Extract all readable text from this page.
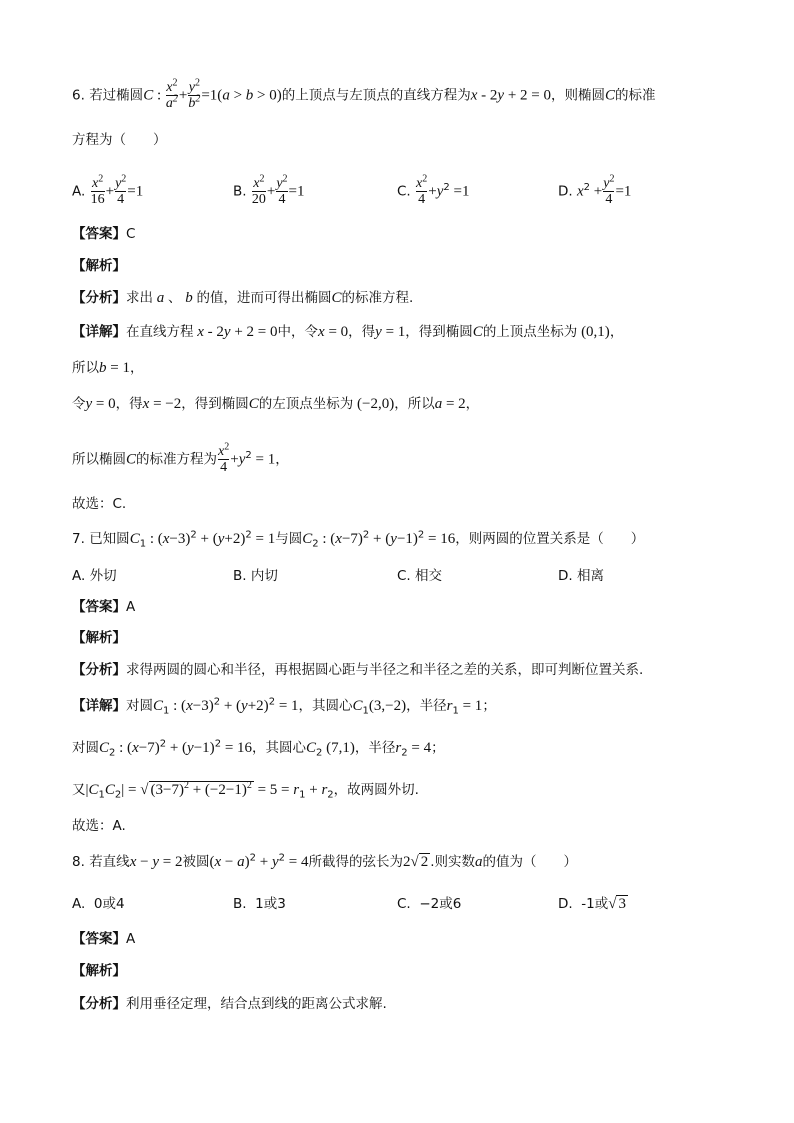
6. 若过椭圆C : $\frac{x^2}{a^2} + \frac{y^2}{b^2} =1(a > b > 0)$的上顶点与左顶点的直线方程为x - 2y + 2 = 0，则椭圆C的标准
方程为（　　）
A. $\frac{x^2}{16} + \frac{y^2}{4} =1$	B. $\frac{x^2}{20} + \frac{y^2}{4} =1$	C. $\frac{x^2}{4} +y^2 =1$	D. $x^2 + \frac{y^2}{4} =1$
【答案】C
【解析】
【分析】求出 a 、 b 的值，进而可得出椭圆C的标准方程.
【详解】在直线方程 x - 2y + 2 = 0中，令x = 0，得y = 1，得到椭圆C的上顶点坐标为 (0,1)，
所以b = 1，
令y = 0，得x = −2，得到椭圆C的左顶点坐标为 (−2,0)，所以a = 2，
所以椭圆C的标准方程为 $\frac{x^2}{4} +y^2 = 1$，
故选：C.
7. 已知圆$C_1$ : $(x-3)^2 + (y+2)^2 = 1$与圆$C_2$ : $(x-7)^2 + (y-1)^2 = 16$，则两圆的位置关系是（　　）
A. 外切	B. 内切	C. 相交	D. 相离
【答案】A
【解析】
【分析】求得两圆的圆心和半径，再根据圆心距与半径之和半径之差的关系，即可判断位置关系.
【详解】对圆$C_1$ : $(x-3)^2 + (y+2)^2 = 1$，其圆心$C_1(3,-2)$，半径$r_1 = 1$；
对圆$C_2$ : $(x-7)^2 + (y-1)^2 = 16$，其圆心$C_2$ (7,1)，半径$r_2 = 4$；
又$|C_1C_2|$ = √ $(3-7)^2 + (-2-1)^2 = 5 = r_1 + r_2$，故两圆外切.
故选：A.
8. 若直线x − y = 2被圆$(x - a)^2 + y^2 = 4$所截得的弦长为2√ 2 .则实数a的值为（　　）
A. 0或4	B. 1或3	C. −2或6	D. -1或√ 3
【答案】A
【解析】
【分析】利用垂径定理，结合点到线的距离公式求解.
